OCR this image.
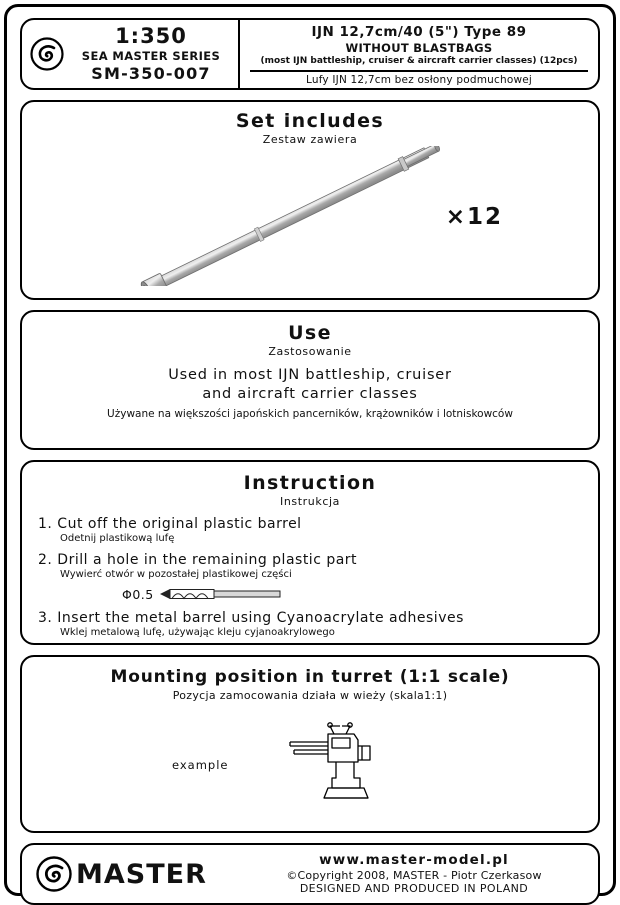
1:350
SEA MASTER SERIES
SM-350-007
IJN 12,7cm/40 (5") Type 89
WITHOUT BLASTBAGS
(most IJN battleship, cruiser & aircraft carrier classes) (12pcs)
Lufy IJN 12,7cm bez osłony podmuchowej
Set includes
Zestaw zawiera
×12
Use
Zastosowanie
Used in most IJN battleship, cruiser
and aircraft carrier classes
Używane na większości japońskich pancerników, krążowników i lotniskowców
Instruction
Instrukcja
1. Cut off the original plastic barrel
Odetnij plastikową lufę
2. Drill a hole in the remaining plastic part
Wywierć otwór w pozostałej plastikowej części
Φ0.5
3. Insert the metal barrel using Cyanoacrylate adhesives
Wklej metalową lufę, używając kleju cyjanoakrylowego
Mounting position in turret (1:1 scale)
Pozycja zamocowania działa w wieży (skala1:1)
example
MASTER	www.master-model.pl
©Copyright 2008, MASTER - Piotr Czerkasow
DESIGNED AND PRODUCED IN POLAND
